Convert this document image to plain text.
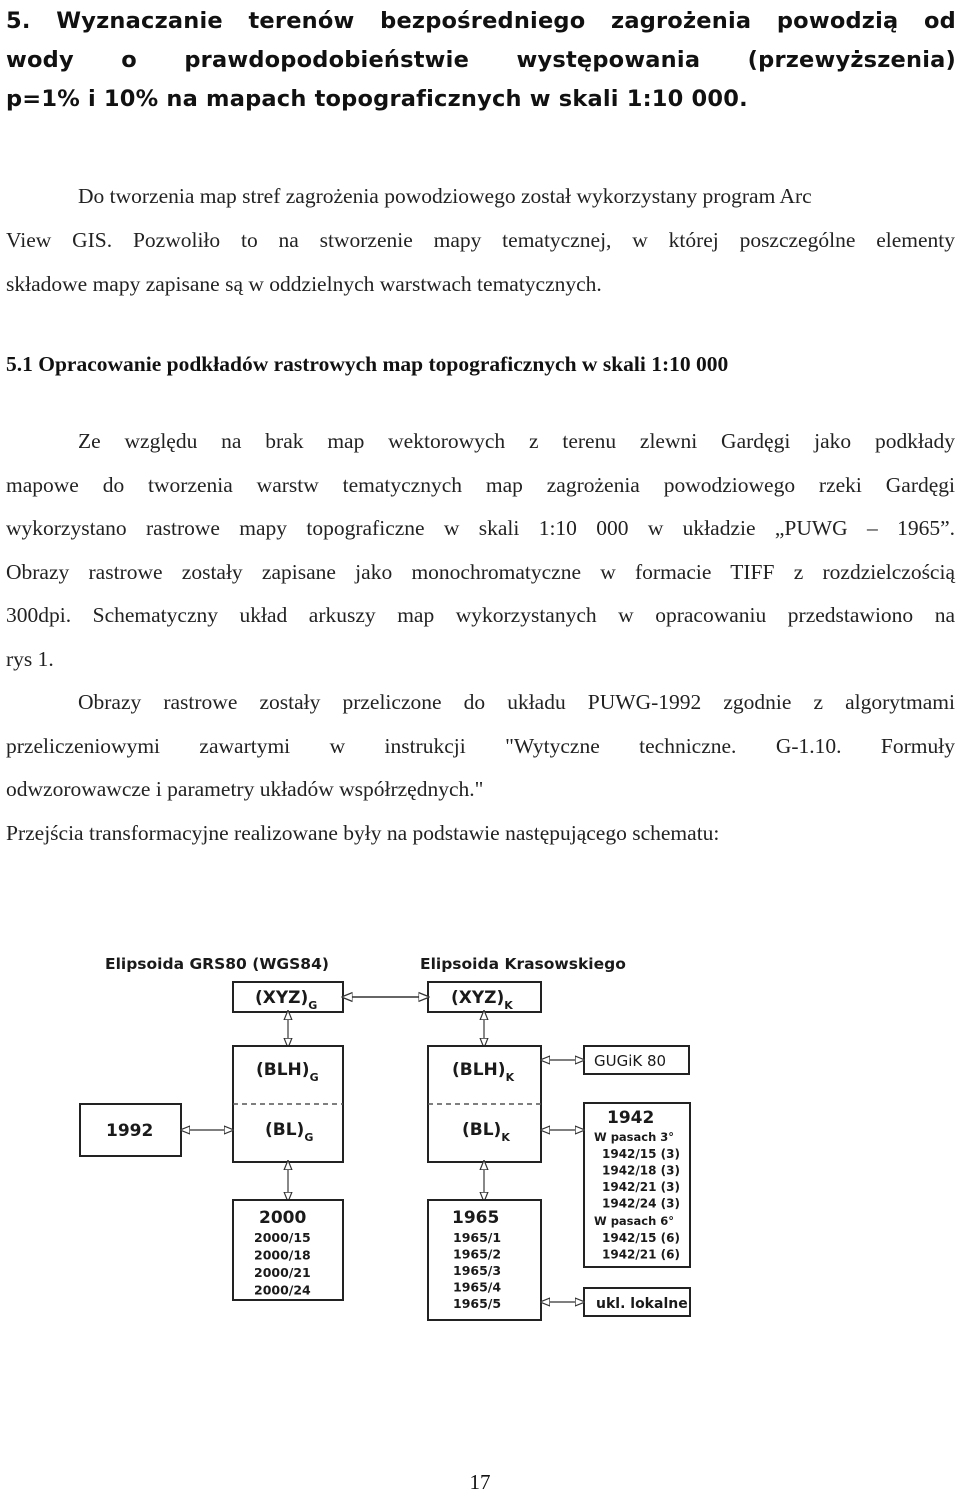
5. Wyznaczanie terenów bezpośredniego zagrożenia powodzią od
wody o prawdopodobieństwie występowania (przewyższenia)
p=1% i 10% na mapach topograficznych w skali 1:10 000.
Do tworzenia map stref zagrożenia powodziowego został wykorzystany program Arc
View GIS. Pozwoliło to na stworzenie mapy tematycznej, w której poszczególne elementy
składowe mapy zapisane są w oddzielnych warstwach tematycznych.
5.1 Opracowanie podkładów rastrowych map topograficznych w skali 1:10 000
Ze względu na brak map wektorowych z terenu zlewni Gardęgi jako podkłady
mapowe do tworzenia warstw tematycznych map zagrożenia powodziowego rzeki Gardęgi
wykorzystano rastrowe mapy topograficzne w skali 1:10 000 w układzie „PUWG – 1965”.
Obrazy rastrowe zostały zapisane jako monochromatyczne w formacie TIFF z rozdzielczością
300dpi. Schematyczny układ arkuszy map wykorzystanych w opracowaniu przedstawiono na
rys 1.
Obrazy rastrowe zostały przeliczone do układu PUWG-1992 zgodnie z algorytmami
przeliczeniowymi zawartymi w instrukcji "Wytyczne techniczne. G-1.10. Formuły
odwzorowawcze i parametry układów współrzędnych."
Przejścia transformacyjne realizowane były na podstawie następującego schematu:
Elipsoida GRS80 (WGS84)	Elipsoida Krasowskiego
$(XYZ)_G$	$(XYZ)_K$
$(BLH)_G$
$(BL)_G$
$(BLH)_K$
$(BL)_K$
GUGiK 80
1992
1942
W pasach 3°
1942/15 (3)
1942/18 (3)
1942/21 (3)
1942/24 (3)
W pasach 6°
1942/15 (6)
1942/21 (6)
2000
2000/15
2000/18
2000/21
2000/24
1965
1965/1
1965/2
1965/3
1965/4
1965/5	ukl. lokalne
17
